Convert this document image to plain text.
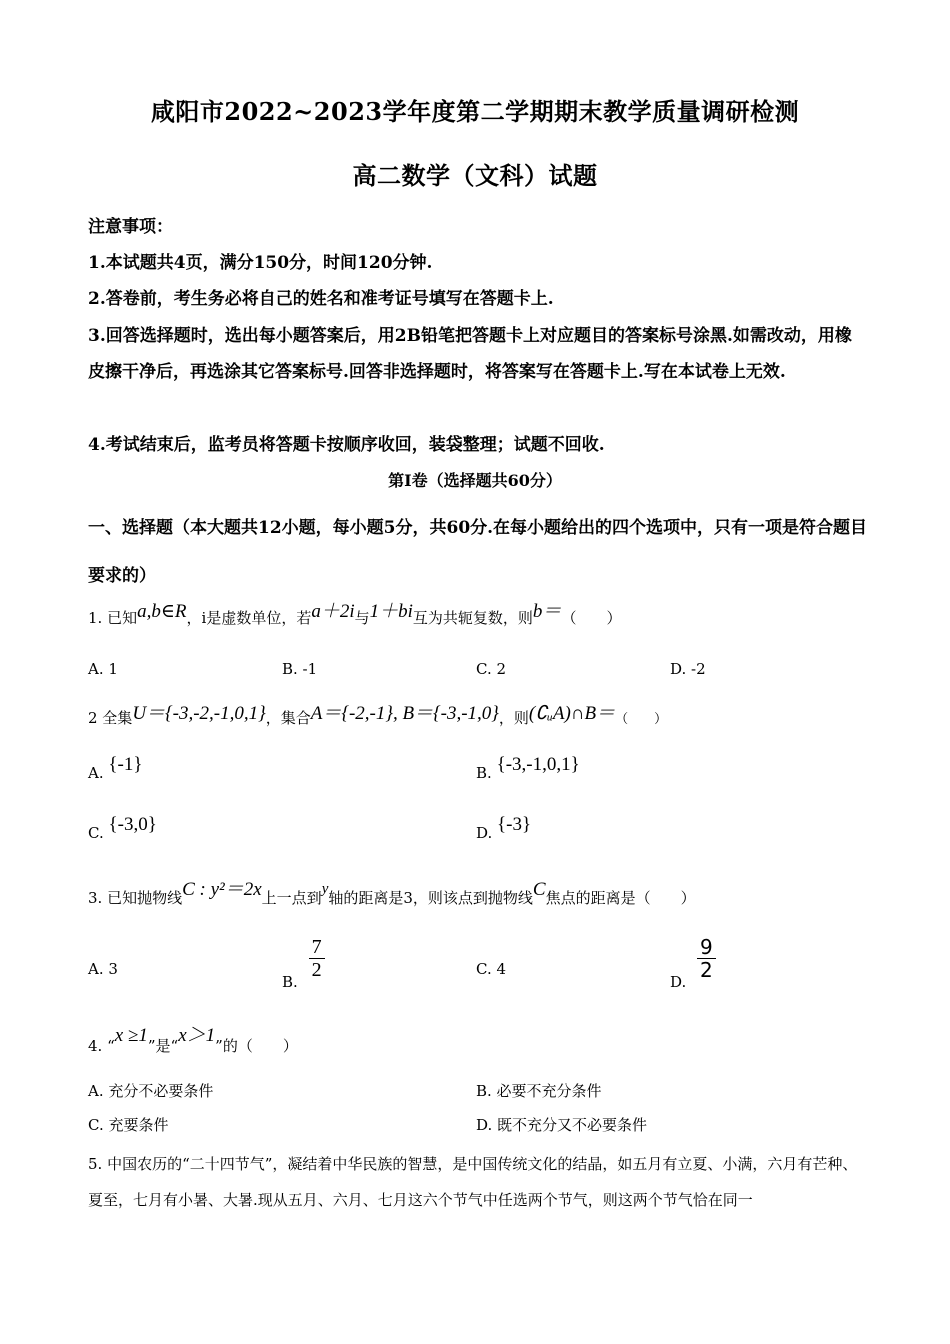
咸阳市2022~2023学年度第二学期期末教学质量调研检测
高二数学（文科）试题
注意事项：
1.本试题共4页，满分150分，时间120分钟.
2.答卷前，考生务必将自己的姓名和准考证号填写在答题卡上.
3.回答选择题时，选出每小题答案后，用2B铅笔把答题卡上对应题目的答案标号涂黑.如需改动，用橡皮擦干净后，再选涂其它答案标号.回答非选择题时，将答案写在答题卡上.写在本试卷上无效.
4.考试结束后，监考员将答题卡按顺序收回，装袋整理；试题不回收.
第I卷（选择题共60分）
一、选择题（本大题共12小题，每小题5分，共60分.在每小题给出的四个选项中，只有一项是符合题目要求的）
1. 已知a,b∈R，i是虚数单位，若a＋2i与1＋bi互为共轭复数，则b＝（　　）
A. 1	B. -1	C. 2	D. -2
2 全集U＝{-3,-2,-1,0,1}，集合A＝{-2,-1}, B＝{-3,-1,0}，则(∁ᵤA)∩B＝（　　）
A. {-1}	B. {-3,-1,0,1}
C. {-3,0}	D. {-3}
3. 已知抛物线C : y²＝2x上一点到y轴的距离是3，则该点到抛物线C焦点的距离是（　　）
A. 3
B.
$\frac{7}{2}$	C. 4
D.
$\frac{9}{2}$
4. “x ≥1”是“x＞1”的（　　）
A. 充分不必要条件	B. 必要不充分条件
C. 充要条件	D. 既不充分又不必要条件
5. 中国农历的“二十四节气”，凝结着中华民族的智慧，是中国传统文化的结晶，如五月有立夏、小满，六月有芒种、夏至，七月有小暑、大暑.现从五月、六月、七月这六个节气中任选两个节气，则这两个节气恰在同一
